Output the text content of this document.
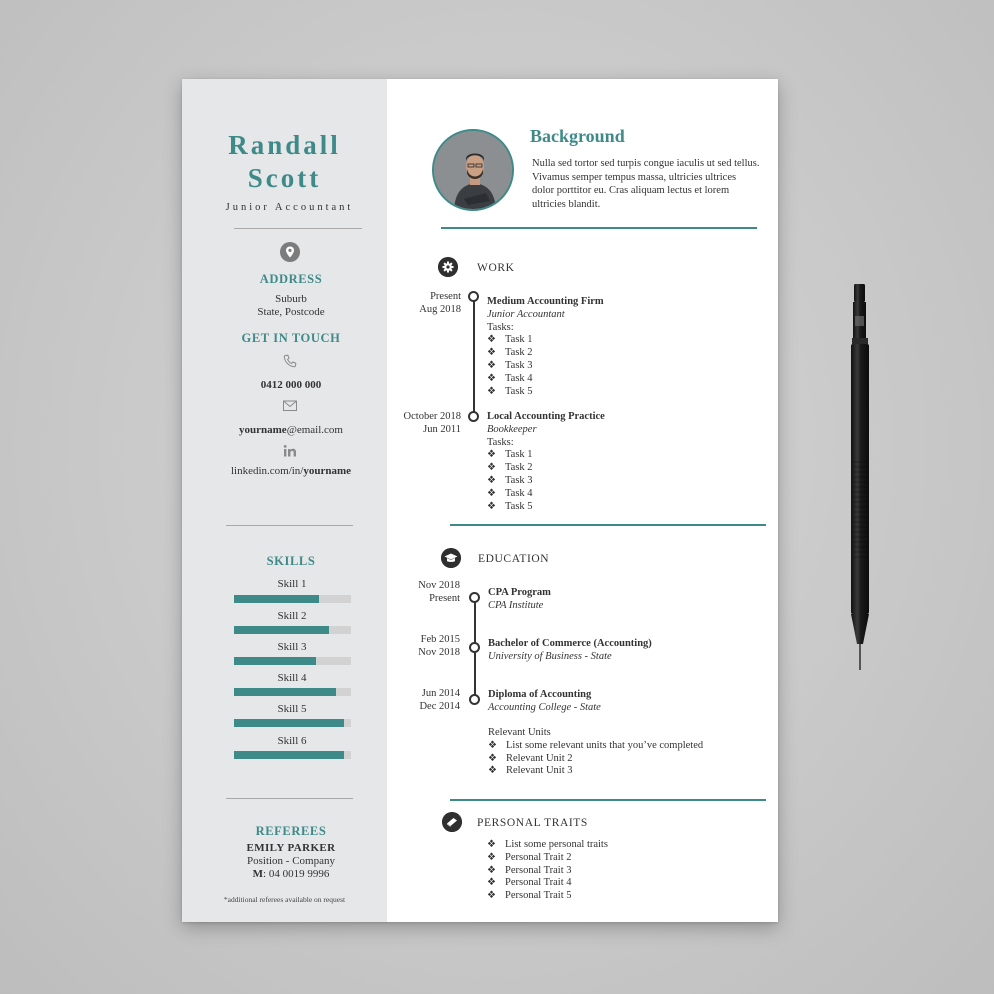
Randall
Scott
Junior Accountant
ADDRESS
Suburb
State, Postcode
GET IN TOUCH
0412 000 000
yourname@email.com
linkedin.com/in/yourname
SKILLS
Skill 1
Skill 2
Skill 3
Skill 4
Skill 5
Skill 6
REFEREES
EMILY PARKER
Position - Company
M: 04 0019 9996
*additional referees available on request
Background
Nulla sed tortor sed turpis congue iaculis ut sed tellus. Vivamus semper tempus massa, ultricies ultrices dolor porttitor eu. Cras aliquam lectus et lorem ultricies blandit.
WORK
Present
Aug 2018
Medium Accounting Firm
Junior Accountant
Tasks:
❖ Task 1
❖ Task 2
❖ Task 3
❖ Task 4
❖ Task 5
October 2018
Jun 2011
Local Accounting Practice
Bookkeeper
Tasks:
❖ Task 1
❖ Task 2
❖ Task 3
❖ Task 4
❖ Task 5
EDUCATION
Nov 2018
Present
CPA Program
CPA Institute
Feb 2015
Nov 2018
Bachelor of Commerce (Accounting)
University of Business - State
Jun 2014
Dec 2014
Diploma of Accounting
Accounting College - State
Relevant Units
❖ List some relevant units that you’ve completed
❖ Relevant Unit 2
❖ Relevant Unit 3
PERSONAL TRAITS
❖ List some personal traits
❖ Personal Trait 2
❖ Personal Trait 3
❖ Personal Trait 4
❖ Personal Trait 5
